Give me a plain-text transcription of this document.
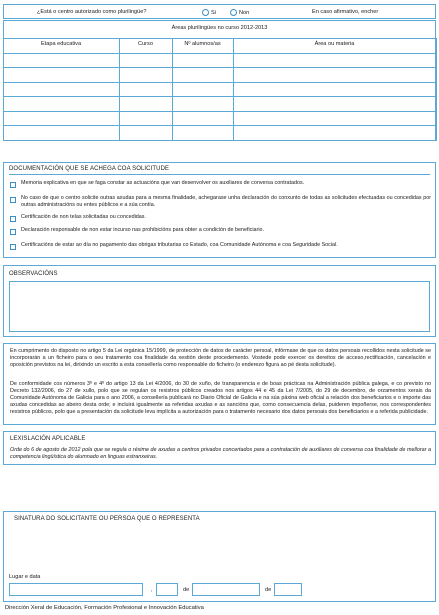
¿Está o centro autorizado como plurilingüe?	Si	Non	En caso afirmativo, encher
Áreas plurilingües no curso 2012-2013
Etapa educativa	Curso	Nº alumnos/as	Área ou materia
DOCUMENTACIÓN QUE SE ACHEGA COA SOLICITUDE
Memoria explicativa en que se faga constar as actuacións que van desenvolver os auxiliares de conversa contratados.
No caso de que o centro solicite outras axudas para a mesma finalidade, achegarase unha declaración do conxunto de todas as solicitudes efectuadas ou concedidas por outras administracións ou entes públicos e a súa contía.
Certificación de non telas solicitadas ou concedidas.
Declaración responsable de non estar incurso nas prohibicións para obter a condición de beneficiario.
Certificacións de estar ao día no pagamento das obrigas tributarias co Estado, coa Comunidade Autónoma e coa Seguridade Social.
OBSERVACIÓNS
En cumprimento do disposto no artigo 5 da Lei orgánica 15/1999, de protección de datos de carácter persoal, infórmase de que os datos persoais recollidos nesta solicitude se incorporarán a un ficheiro para o seu tratamento coa finalidade da xestión deste procedemento. Vostede pode exercer os dereitos de acceso,rectificación, cancelación e oposición previstos na lei, dirixindo un escrito a esta consellería como responsable do ficheiro (o enderezo figura ao pé desta solicitude).
De conformidade cos números 3º e 4º do artigo 13 da Lei 4/2006, do 30 de xuño, de transparencia e de boas prácticas na Administración pública galega, e co previsto no Decreto 132/2006, do 27 de xullo, polo que se regulan os rexistros públicos creados nos artigos 44 e 45 da Lei 7/2005, do 29 de decembro, de orzamentos xerais da Comunidade Autónoma de Galicia para o ano 2006, a consellería publicará no Diario Oficial de Galicia e na súa páxina web oficial a relación dos beneficiarios e o importe das axudas concedidas ao abeiro desta orde; e incluirá igualmente as referidas axudas e as sancións que, como consecuencia delas, puideren impoñerse, nos correspondentes rexistros públicos, polo que a presentación da solicitude leva implícita a autorización para o tratamento necesario dos datos persoais dos beneficiarios e a referida publicidade.
LEXISLACIÓN APLICABLE
Orde do 6 de agosto de 2012 pola que se regula o réxime de axudas a centros privados concertados para a contratación de auxiliares de conversa coa finalidade de mellorar a competencia lingüística do alumnado en linguas estranxeiras.
SINATURA DO SOLICITANTE OU PERSOA QUE O REPRESENTA
Lugar e data
,	de	de
Dirección Xeral de Educación, Formación Profesional e Innovación Educativa
